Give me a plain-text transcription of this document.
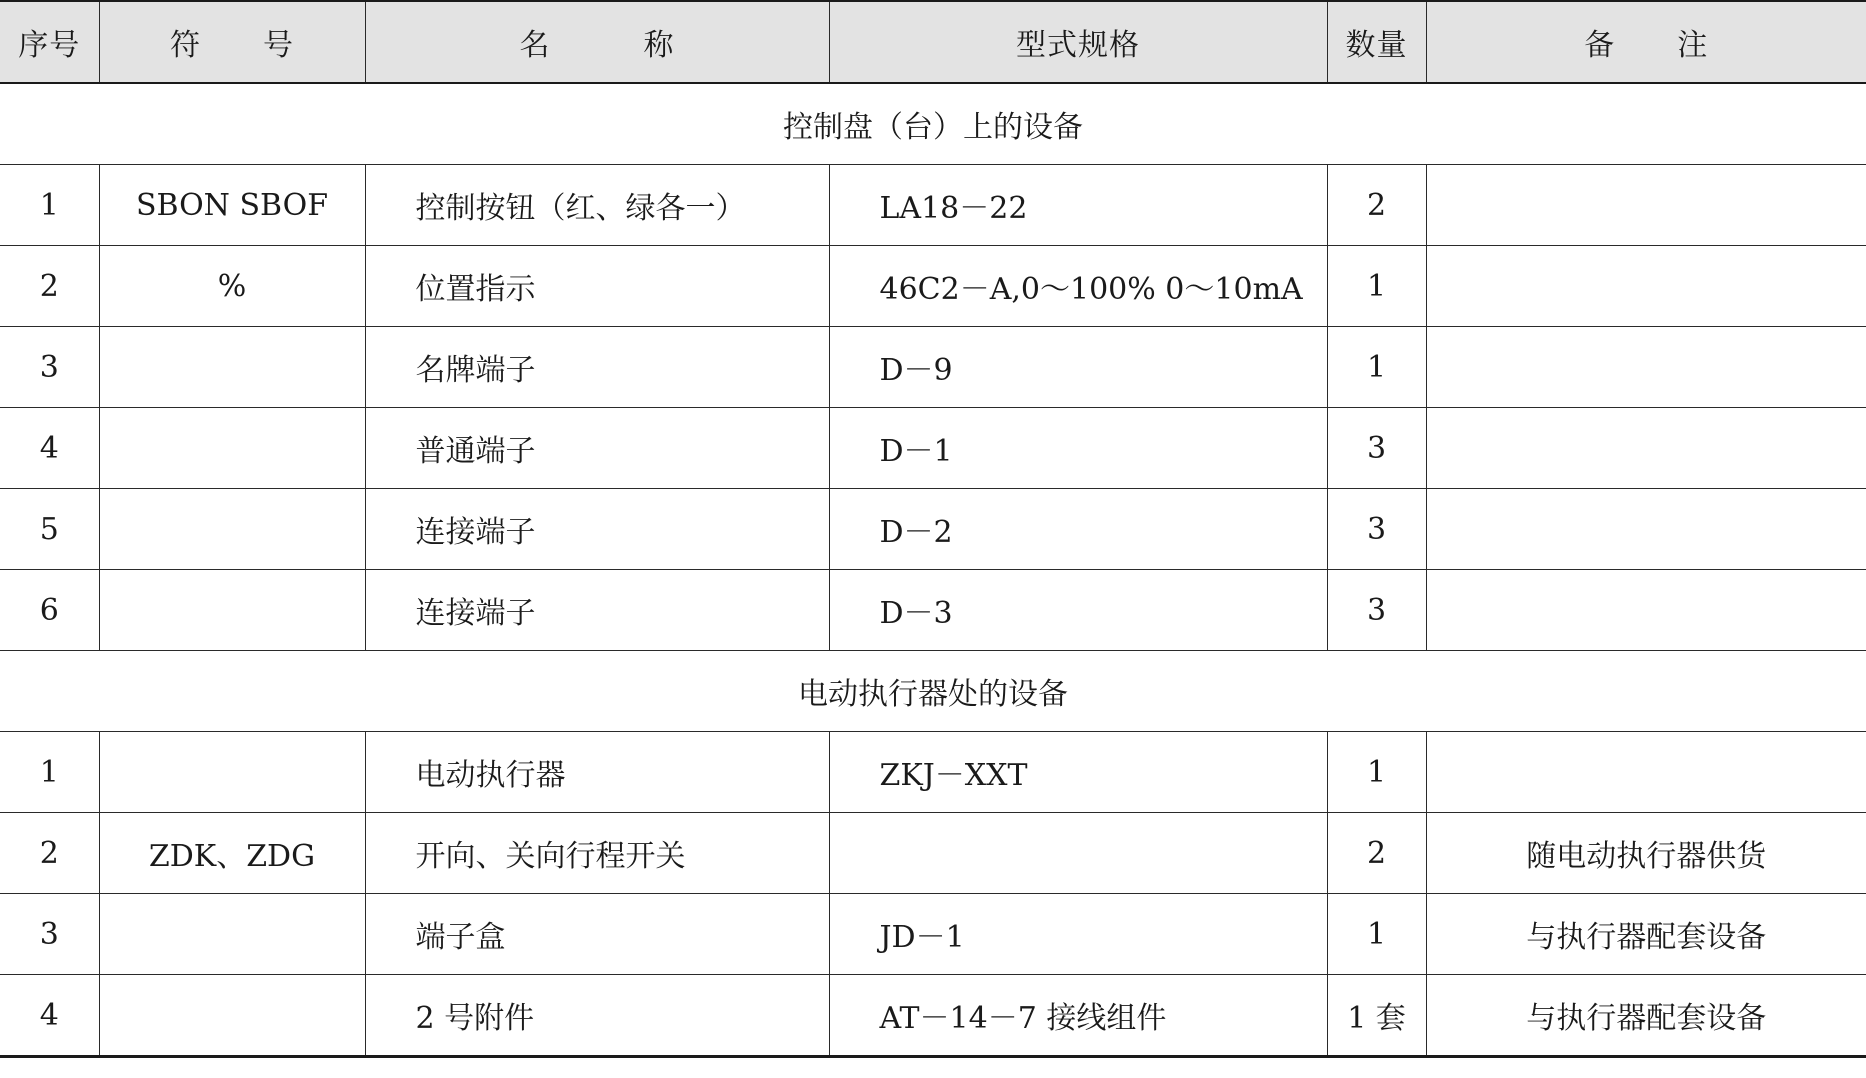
序号	符　　号	名　　　称	型式规格	数量	备　　注
控制盘（台）上的设备					
1	SBON SBOF	控制按钮（红、绿各一）	LA18－22	2	
2	%	位置指示	46C2－A,0～100% 0～10mA	1	
3		名牌端子	D－9	1	
4		普通端子	D－1	3	
5		连接端子	D－2	3	
6		连接端子	D－3	3	
电动执行器处的设备					
1		电动执行器	ZKJ－XXT	1	
2	ZDK、ZDG	开向、关向行程开关		2	随电动执行器供货
3		端子盒	JD－1	1	与执行器配套设备
4		2 号附件	AT－14－7 接线组件	1 套	与执行器配套设备
